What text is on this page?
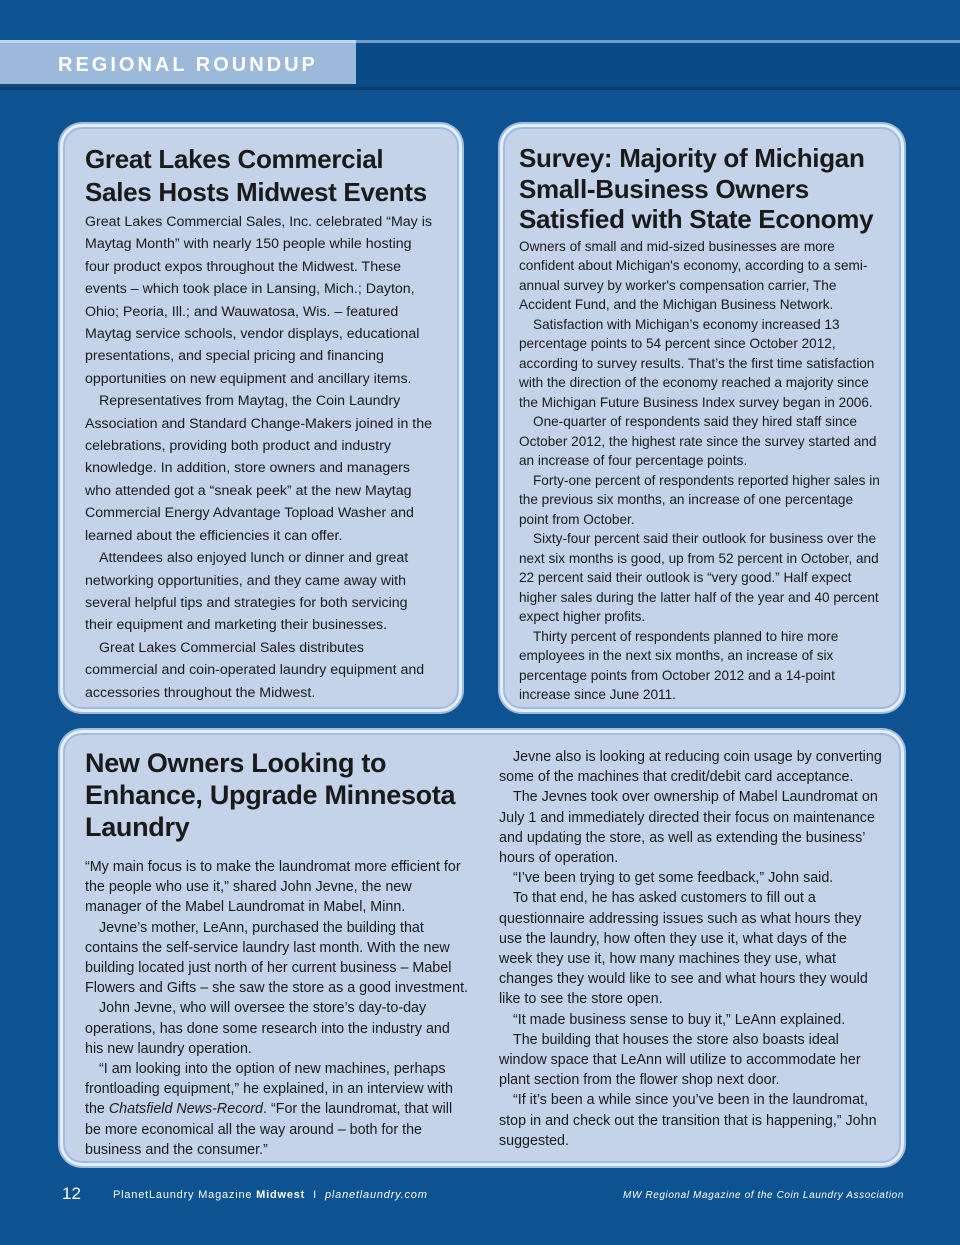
REGIONAL ROUNDUP
Great Lakes Commercial Sales Hosts Midwest Events

Great Lakes Commercial Sales, Inc. celebrated “May is Maytag Month” with nearly 150 people while hosting four product expos throughout the Midwest. These events – which took place in Lansing, Mich.; Dayton, Ohio; Peoria, Ill.; and Wauwatosa, Wis. – featured Maytag service schools, vendor displays, educational presentations, and special pricing and financing opportunities on new equipment and ancillary items.

Representatives from Maytag, the Coin Laundry Association and Standard Change-Makers joined in the celebrations, providing both product and industry knowledge. In addition, store owners and managers who attended got a “sneak peek” at the new Maytag Commercial Energy Advantage Topload Washer and learned about the efficiencies it can offer.

Attendees also enjoyed lunch or dinner and great networking opportunities, and they came away with several helpful tips and strategies for both servicing their equipment and marketing their businesses.

Great Lakes Commercial Sales distributes commercial and coin-operated laundry equipment and accessories throughout the Midwest.

Survey: Majority of Michigan Small-Business Owners Satisfied with State Economy

Owners of small and mid-sized businesses are more confident about Michigan's economy, according to a semi-annual survey by worker's compensation carrier, The Accident Fund, and the Michigan Business Network.

Satisfaction with Michigan’s economy increased 13 percentage points to 54 percent since October 2012, according to survey results. That’s the first time satisfaction with the direction of the economy reached a majority since the Michigan Future Business Index survey began in 2006.

One-quarter of respondents said they hired staff since October 2012, the highest rate since the survey started and an increase of four percentage points.

Forty-one percent of respondents reported higher sales in the previous six months, an increase of one percentage point from October.

Sixty-four percent said their outlook for business over the next six months is good, up from 52 percent in October, and 22 percent said their outlook is “very good.” Half expect higher sales during the latter half of the year and 40 percent expect higher profits.

Thirty percent of respondents planned to hire more employees in the next six months, an increase of six percentage points from October 2012 and a 14-point increase since June 2011.

New Owners Looking to Enhance, Upgrade Minnesota Laundry

“My main focus is to make the laundromat more efficient for the people who use it,” shared John Jevne, the new manager of the Mabel Laundromat in Mabel, Minn.

Jevne’s mother, LeAnn, purchased the building that contains the self-service laundry last month. With the new building located just north of her current business – Mabel Flowers and Gifts – she saw the store as a good investment.

John Jevne, who will oversee the store’s day-to-day operations, has done some research into the industry and his new laundry operation.

“I am looking into the option of new machines, perhaps frontloading equipment,” he explained, in an interview with the Chatsfield News-Record. “For the laundromat, that will be more economical all the way around – both for the business and the consumer.”

Jevne also is looking at reducing coin usage by converting some of the machines that credit/debit card acceptance.

The Jevnes took over ownership of Mabel Laundromat on July 1 and immediately directed their focus on maintenance and updating the store, as well as extending the business’ hours of operation.

“I’ve been trying to get some feedback,” John said.

To that end, he has asked customers to fill out a questionnaire addressing issues such as what hours they use the laundry, how often they use it, what days of the week they use it, how many machines they use, what changes they would like to see and what hours they would like to see the store open.

“It made business sense to buy it,” LeAnn explained.

The building that houses the store also boasts ideal window space that LeAnn will utilize to accommodate her plant section from the flower shop next door.

“If it’s been a while since you’ve been in the laundromat, stop in and check out the transition that is happening,” John suggested.

12	PlanetLaundry Magazine Midwest I planetlaundry.com	MW Regional Magazine of the Coin Laundry Association
